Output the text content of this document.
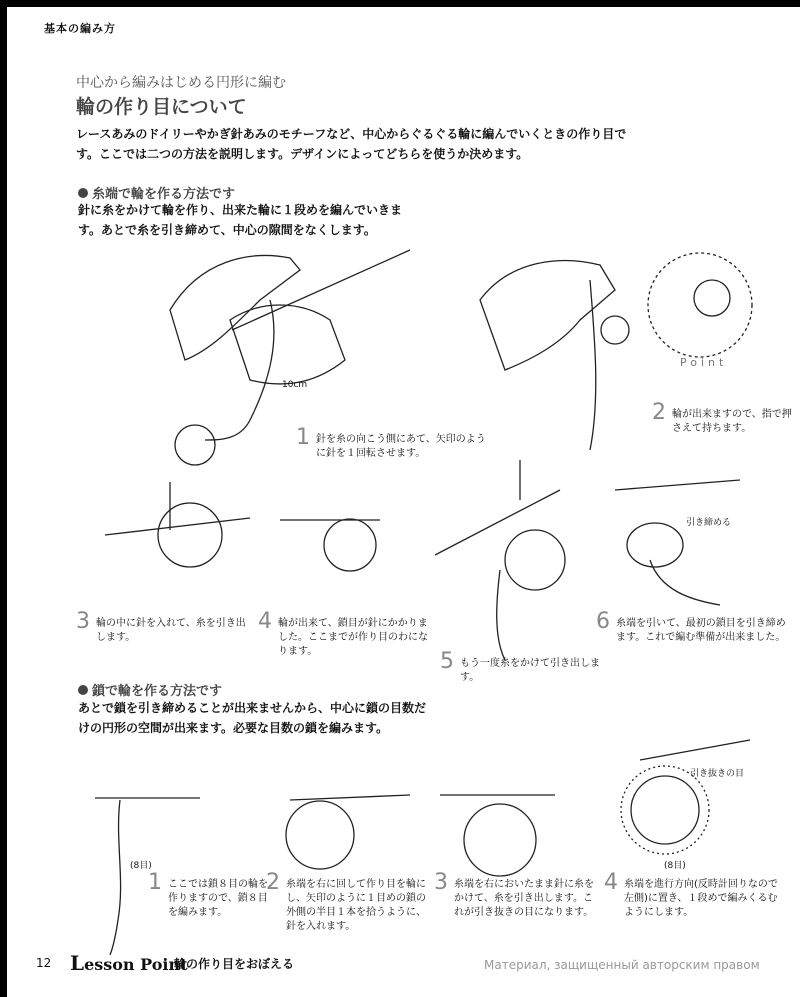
基本の編み方
中心から編みはじめる円形に編む
輪の作り目について
レースあみのドイリーやかぎ針あみのモチーフなど、中心からぐるぐる輪に編んでいくときの作り目です。ここでは二つの方法を説明します。デザインによってどちらを使うか決めます。
糸端で輪を作る方法です
針に糸をかけて輪を作り、出来た輪に１段めを編んでいきます。あとで糸を引き締めて、中心の隙間をなくします。
10cm
Point
引き締める
1 針を糸の向こう側にあて、矢印のように針を１回転させます。
2 輪が出来ますので、指で押さえて持ちます。
3 輪の中に針を入れて、糸を引き出します。
4 輪が出来て、鎖目が針にかかりました。ここまでが作り目のわになります。	5 もう一度糸をかけて引き出します。
6 糸端を引いて、最初の鎖目を引き締めます。これで編む準備が出来ました。
鎖で輪を作る方法です
あとで鎖を引き締めることが出来ませんから、中心に鎖の目数だけの円形の空間が出来ます。必要な目数の鎖を編みます。
(8目)	(8目)
引き抜きの目
1 ここでは鎖８目の輪を作りますので、鎖８目を編みます。
2 糸端を右に回して作り目を輪にし、矢印のように１目めの鎖の外側の半目１本を拾うように、針を入れます。
3 糸端を右においたまま針に糸をかけて、糸を引き出します。これが引き抜きの目になります。
4 糸端を進行方向(反時計回りなので左側)に置き、１段めで編みくるむようにします。
12 Lesson Point
輪の作り目をおぼえる	Материал, защищенный авторским правом
